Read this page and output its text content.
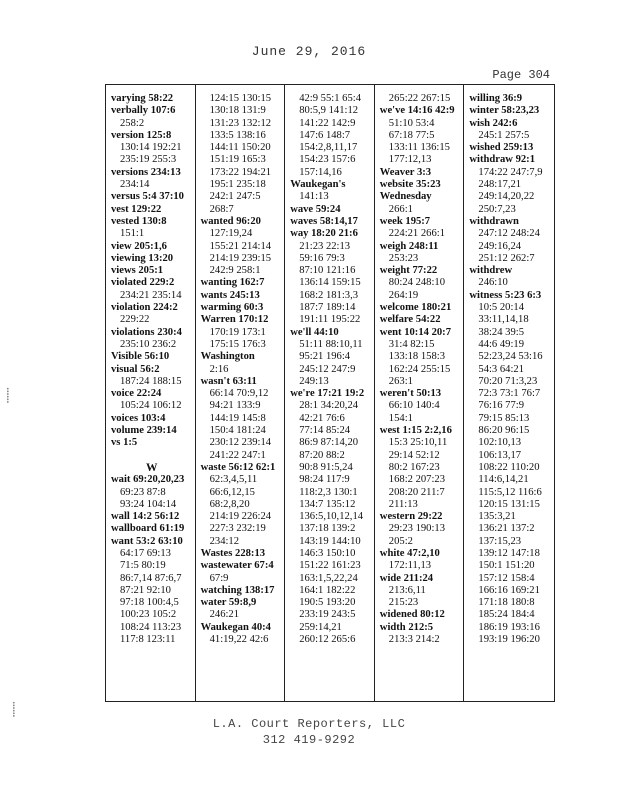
June 29, 2016
Page 304
varying 58:22
verbally 107:6
258:2
version 125:8
130:14 192:21
235:19 255:3
versions 234:13
234:14
versus 5:4 37:10
vest 129:22
vested 130:8
151:1
view 205:1,6
viewing 13:20
views 205:1
violated 229:2
234:21 235:14
violation 224:2
229:22
violations 230:4
235:10 236:2
Visible 56:10
visual 56:2
187:24 188:15
voice 22:24
105:24 106:12
voices 103:4
volume 239:14
vs 1:5

W
wait 69:20,20,23
69:23 87:8
93:24 104:14
wall 14:2 56:12
wallboard 61:19
want 53:2 63:10
64:17 69:13
71:5 80:19
86:7,14 87:6,7
87:21 92:10
97:18 100:4,5
100:23 105:2
108:24 113:23
117:8 123:11
124:15 130:15
130:18 131:9
131:23 132:12
133:5 138:16
144:11 150:20
151:19 165:3
173:22 194:21
195:1 235:18
242:1 247:5
268:7
wanted 96:20
127:19,24
155:21 214:14
214:19 239:15
242:9 258:1
wanting 162:7
wants 245:13
warming 60:3
Warren 170:12
170:19 173:1
175:15 176:3
Washington
2:16
wasn't 63:11
66:14 70:9,12
94:21 133:9
144:19 145:8
150:4 181:24
230:12 239:14
241:22 247:1
waste 56:12 62:1
62:3,4,5,11
66:6,12,15
68:2,8,20
214:19 226:24
227:3 232:19
234:12
Wastes 228:13
wastewater 67:4
67:9
watching 138:17
water 59:8,9
246:21
Waukegan 40:4
41:19,22 42:6
42:9 55:1 65:4
80:5,9 141:12
141:22 142:9
147:6 148:7
154:2,8,11,17
154:23 157:6
157:14,16
Waukegan's
141:13
wave 59:24
waves 58:14,17
way 18:20 21:6
21:23 22:13
59:16 79:3
87:10 121:16
136:14 159:15
168:2 181:3,3
187:7 189:14
191:11 195:22
we'll 44:10
51:11 88:10,11
95:21 196:4
245:12 247:9
249:13
we're 17:21 19:2
28:1 34:20,24
42:21 76:6
77:14 85:24
86:9 87:14,20
87:20 88:2
90:8 91:5,24
98:24 117:9
118:2,3 130:1
134:7 135:12
136:5,10,12,14
137:18 139:2
143:19 144:10
146:3 150:10
151:22 161:23
163:1,5,22,24
164:1 182:22
190:5 193:20
233:19 243:5
259:14,21
260:12 265:6
265:22 267:15
we've 14:16 42:9
51:10 53:4
67:18 77:5
133:11 136:15
177:12,13
Weaver 3:3
website 35:23
Wednesday
266:1
week 195:7
224:21 266:1
weigh 248:11
253:23
weight 77:22
80:24 248:10
264:19
welcome 180:21
welfare 54:22
went 10:14 20:7
31:4 82:15
133:18 158:3
162:24 255:15
263:1
weren't 50:13
66:10 140:4
154:1
west 1:15 2:2,16
15:3 25:10,11
29:14 52:12
80:2 167:23
168:2 207:23
208:20 211:7
211:13
western 29:22
29:23 190:13
205:2
white 47:2,10
172:11,13
wide 211:24
213:6,11
215:23
widened 80:12
width 212:5
213:3 214:2
willing 36:9
winter 58:23,23
wish 242:6
245:1 257:5
wished 259:13
withdraw 92:1
174:22 247:7,9
248:17,21
249:14,20,22
250:7,23
withdrawn
247:12 248:24
249:16,24
251:12 262:7
withdrew
246:10
witness 5:23 6:3
10:5 20:14
33:11,14,18
38:24 39:5
44:6 49:19
52:23,24 53:16
54:3 64:21
70:20 71:3,23
72:3 73:1 76:7
76:16 77:9
79:15 85:13
86:20 96:15
102:10,13
106:13,17
108:22 110:20
114:6,14,21
115:5,12 116:6
120:15 131:15
135:3,21
136:21 137:2
137:15,23
139:12 147:18
150:1 151:20
157:12 158:4
166:16 169:21
171:18 180:8
185:24 184:4
186:19 193:16
193:19 196:20
L.A. Court Reporters, LLC
312 419-9292
⸽
⸽
